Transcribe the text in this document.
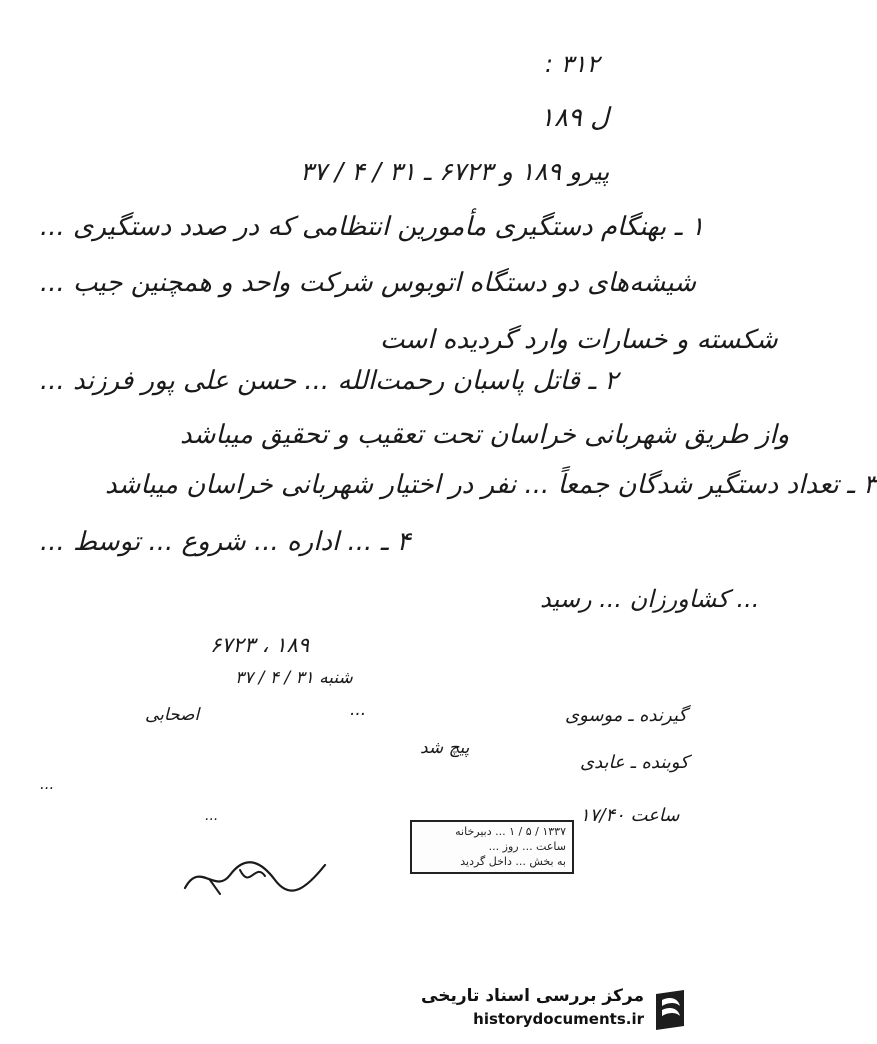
۳۱۲ :
ل ۱۸۹
پیرو ۱۸۹ و ۶۷۲۳ ـ ۳۱ / ۴ / ۳۷
۱ ـ بهنگام دستگیری مأمورین انتظامی که در صدد دستگیری ...
شیشه‌های دو دستگاه اتوبوس شرکت واحد و همچنین جیب ...
شکسته و خسارات وارد گردیده است
۲ ـ قاتل پاسبان رحمت‌الله ... حسن علی پور فرزند ...
واز طریق شهربانی خراسان تحت تعقیب و تحقیق میباشد
۳ ـ تعداد دستگیر شدگان جمعاً ... نفر در اختیار شهربانی خراسان میباشد
۴ ـ ... اداره ... شروع ... توسط ...
... کشاورزان ... رسید
۱۸۹ ، ۶۷۲۳
شنبه ۳۱ / ۴ / ۳۷
...
اصحابی	گیرنده ـ موسوی
کوبنده ـ عابدی
پیچ شد
...
ساعت ۱۷/۴۰
...
۱۳۳۷ / ۵ / ۱ ... دبیرخانه
ساعت ... روز ...
به بخش ... داخل گردید
مرکز بررسی اسناد تاریخی
historydocuments.ir
